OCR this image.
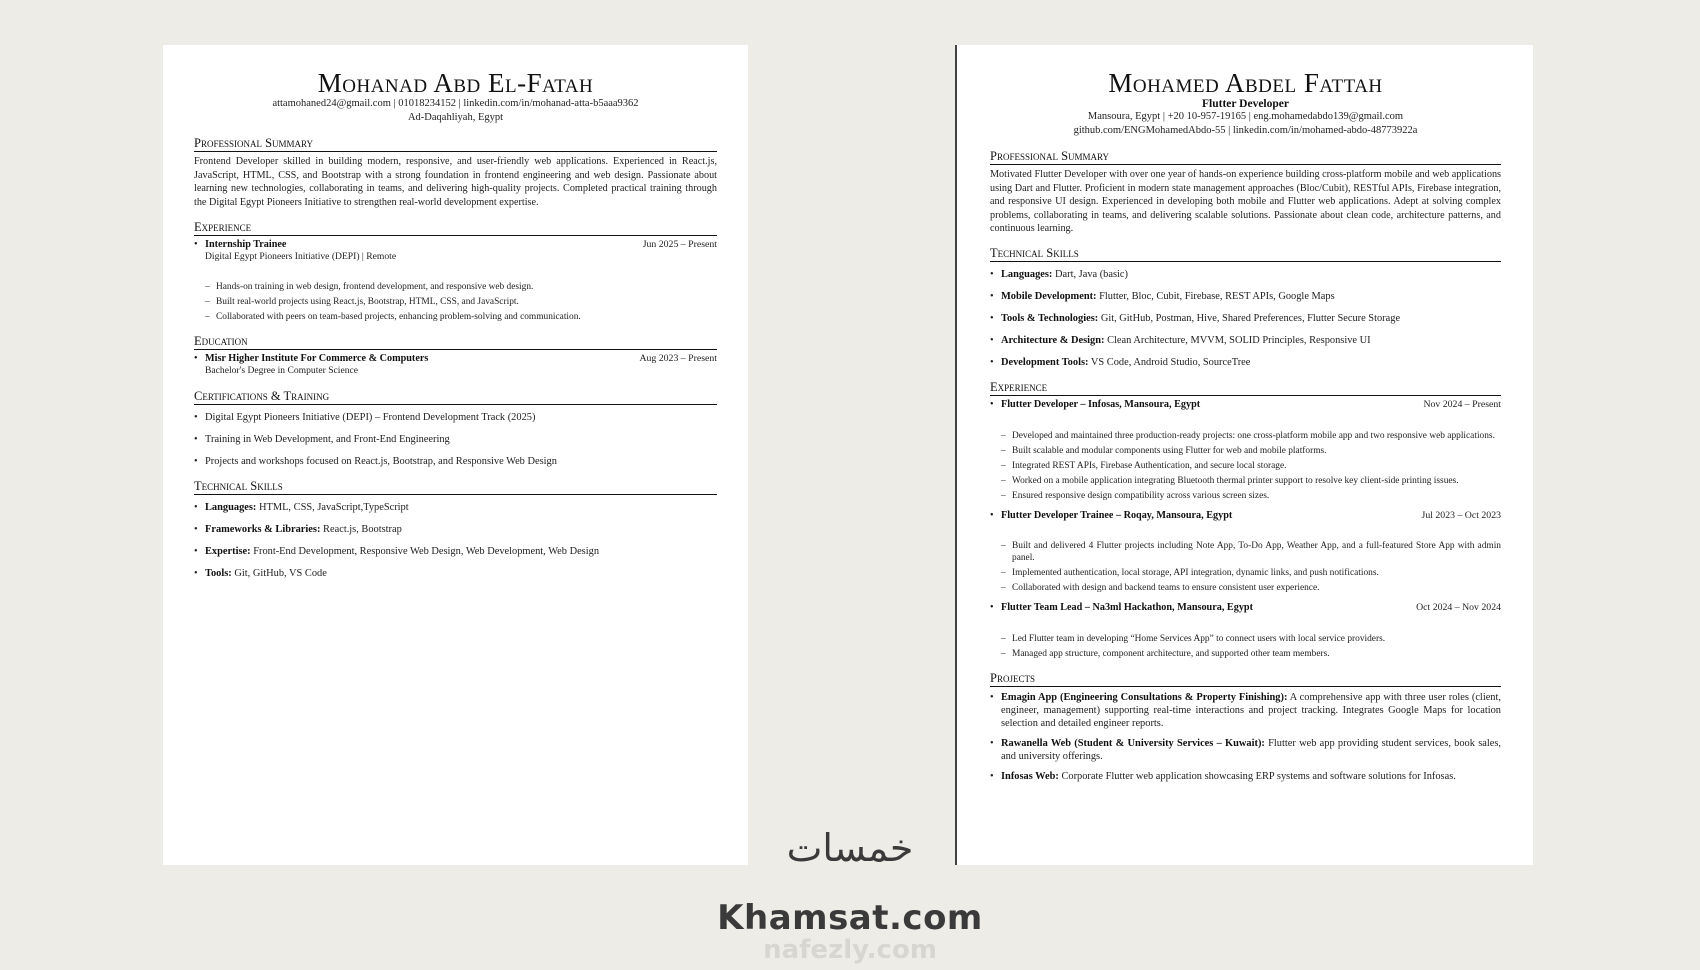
Mohanad Abd El-Fatah
attamohaned24@gmail.com | 01018234152 | linkedin.com/in/mohanad-atta-b5aaa9362
Ad-Daqahliyah, Egypt
Professional Summary
Frontend Developer skilled in building modern, responsive, and user-friendly web applications. Experienced in React.js, JavaScript, HTML, CSS, and Bootstrap with a strong foundation in frontend engineering and web design. Passionate about learning new technologies, collaborating in teams, and delivering high-quality projects. Completed practical training through the Digital Egypt Pioneers Initiative to strengthen real-world development expertise.
Experience
• Internship Trainee	Jun 2025 – Present
Digital Egypt Pioneers Initiative (DEPI) | Remote
– Hands-on training in web design, frontend development, and responsive web design.
– Built real-world projects using React.js, Bootstrap, HTML, CSS, and JavaScript.
– Collaborated with peers on team-based projects, enhancing problem-solving and communication.
Education
• Misr Higher Institute For Commerce & Computers	Aug 2023 – Present
Bachelor's Degree in Computer Science
Certifications & Training
• Digital Egypt Pioneers Initiative (DEPI) – Frontend Development Track (2025)
• Training in Web Development, and Front-End Engineering
• Projects and workshops focused on React.js, Bootstrap, and Responsive Web Design
Technical Skills
• Languages: HTML, CSS, JavaScript,TypeScript
• Frameworks & Libraries: React.js, Bootstrap
• Expertise: Front-End Development, Responsive Web Design, Web Development, Web Design
• Tools: Git, GitHub, VS Code
Mohamed Abdel Fattah
Flutter Developer
Mansoura, Egypt | +20 10-957-19165 | eng.mohamedabdo139@gmail.com
github.com/ENGMohamedAbdo-55 | linkedin.com/in/mohamed-abdo-48773922a
Professional Summary
Motivated Flutter Developer with over one year of hands-on experience building cross-platform mobile and web applications using Dart and Flutter. Proficient in modern state management approaches (Bloc/Cubit), RESTful APIs, Firebase integration, and responsive UI design. Experienced in developing both mobile and Flutter web applications. Adept at solving complex problems, collaborating in teams, and delivering scalable solutions. Passionate about clean code, architecture patterns, and continuous learning.
Technical Skills
• Languages: Dart, Java (basic)
• Mobile Development: Flutter, Bloc, Cubit, Firebase, REST APIs, Google Maps
• Tools & Technologies: Git, GitHub, Postman, Hive, Shared Preferences, Flutter Secure Storage
• Architecture & Design: Clean Architecture, MVVM, SOLID Principles, Responsive UI
• Development Tools: VS Code, Android Studio, SourceTree
Experience
• Flutter Developer – Infosas, Mansoura, Egypt	Nov 2024 – Present
– Developed and maintained three production-ready projects: one cross-platform mobile app and two responsive web applications.
– Built scalable and modular components using Flutter for web and mobile platforms.
– Integrated REST APIs, Firebase Authentication, and secure local storage.
– Worked on a mobile application integrating Bluetooth thermal printer support to resolve key client-side printing issues.
– Ensured responsive design compatibility across various screen sizes.
• Flutter Developer Trainee – Roqay, Mansoura, Egypt	Jul 2023 – Oct 2023
– Built and delivered 4 Flutter projects including Note App, To-Do App, Weather App, and a full-featured Store App with admin panel.
– Implemented authentication, local storage, API integration, dynamic links, and push notifications.
– Collaborated with design and backend teams to ensure consistent user experience.
• Flutter Team Lead – Na3ml Hackathon, Mansoura, Egypt	Oct 2024 – Nov 2024
– Led Flutter team in developing “Home Services App” to connect users with local service providers.
– Managed app structure, component architecture, and supported other team members.
Projects
• Emagin App (Engineering Consultations & Property Finishing): A comprehensive app with three user roles (client, engineer, management) supporting real-time interactions and project tracking. Integrates Google Maps for location selection and detailed engineer reports.
• Rawanella Web (Student & University Services – Kuwait): Flutter web app providing student services, book sales, and university offerings.
• Infosas Web: Corporate Flutter web application showcasing ERP systems and software solutions for Infosas.
nafezly.com
خمسات
Khamsat.com
